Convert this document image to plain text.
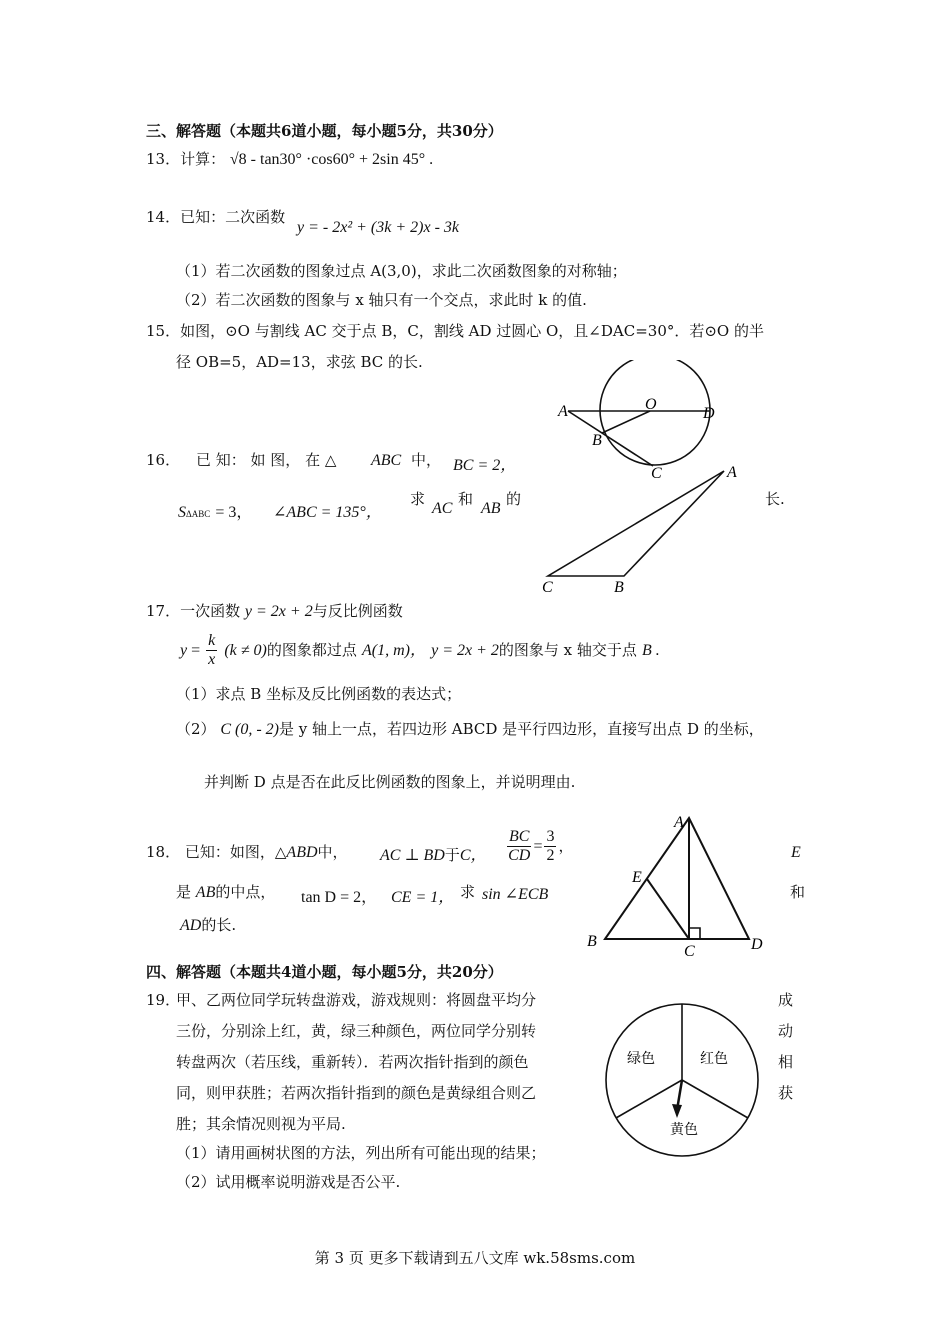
三、解答题（本题共6道小题，每小题5分，共30分）
13．计算： √8 - tan30° ·cos60° + 2sin 45° .
14．已知：二次函数
y = - 2x² + (3k + 2)x - 3k
（1）若二次函数的图象过点 A(3,0)，求此二次函数图象的对称轴；
（2）若二次函数的图象与 x 轴只有一个交点，求此时 k 的值.
15．如图，⊙O 与割线 AC 交于点 B，C，割线 AD 过圆心 O，且∠DAC=30°．若⊙O 的半
径 OB=5，AD=13，求弦 BC 的长.
A	O
D
B
C
16． 已 知： 如 图， 在 △ ABC 中， BC = 2，
SΔABC = 3， ∠ABC = 135°，
求
AC
和
AB
的	长.
A
C	B
17．一次函数 y = 2x + 2与反比例函数
$y = \frac{k}{x} (k \ne 0)$的图象都过点 A(1, m)， y = 2x + 2的图象与 x 轴交于点 B .
（1）求点 B 坐标及反比例函数的表达式；
（2） C (0, - 2)是 y 轴上一点，若四边形 ABCD 是平行四边形，直接写出点 D 的坐标，
并判断 D 点是否在此反比例函数的图象上，并说明理由.
18． 已知：如图，△ABD中， AC ⊥ BD于C， $\frac{BC}{CD} = \frac{3}{2}$ ，	E
是 AB的中点， tan D = 2， CE = 1， 求 sin ∠ECB	和
AD的长.
A
E
B
C	D
四、解答题（本题共4道小题，每小题5分，共20分）
19．
甲、乙两位同学玩转盘游戏，游戏规则：将圆盘平均分
三份，分别涂上红，黄，绿三种颜色，两位同学分别转
转盘两次（若压线，重新转）．若两次指针指到的颜色
同，则甲获胜；若两次指针指到的颜色是黄绿组合则乙
胜；其余情况则视为平局.
成
动
相
获
（1）请用画树状图的方法，列出所有可能出现的结果；
（2）试用概率说明游戏是否公平.
绿色	红色
黄色
第 3 页 更多下载请到五八文库 wk.58sms.com
